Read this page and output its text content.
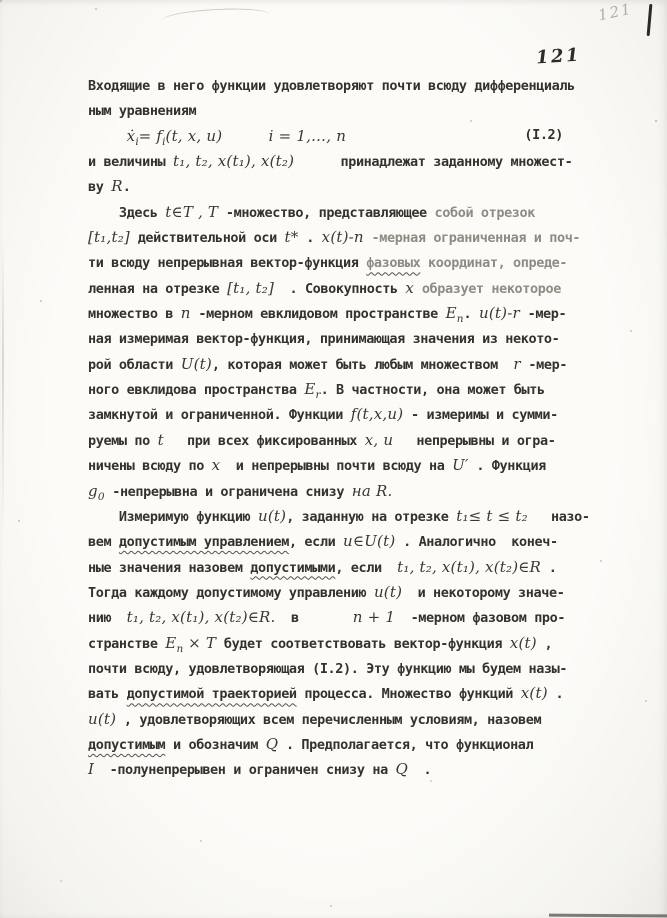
121
121
Входящие в него функции удовлетворяют почти всюду дифференциаль
ным уравнениям
ẋ$_i$= $f_i(t$, x, u)	i = 1,…, n	(I.2)
и величины t₁, t₂, x(t₁), x(t₂)      принадлежат заданному множест-
ву R.
Здесь t∈T , T -множество, представляющее собой отрезок
[t₁,t₂] действительной оси t* . x(t)-n -мерная ограниченная и поч-
ти всюду непрерывная вектор-функция фазовых координат, опреде-
ленная на отрезке [t₁, t₂]  . Совокупность x образует некоторое
множество в n -мерном евклидовом пространстве $E_n$. u(t)-r -мер-
ная измеримая вектор-функция, принимающая значения из некото-
рой области U(t), которая может быть любым множеством  r -мер-
ного евклидова пространства $E_r$. В частности, она может быть
замкнутой и ограниченной. Функции f(t,x,u) - измеримы и сумми-
руемы по t   при всех фиксированных x, u   непрерывны и огра-
ничены всюду по x  и непрерывны почти всюду на U′ . Функция
$g_0$ -непрерывна и ограничена снизу на R.
Измеримую функцию u(t), заданную на отрезке t₁≤ t ≤ t₂   назо-
вем допустимым управлением, если u∈U(t) . Аналогично  конеч-
ные значения назовем допустимыми, если  t₁, t₂, x(t₁), x(t₂)∈R .
Тогда каждому допустимому управлению u(t)  и некоторому значе-
нию  t₁, t₂, x(t₁), x(t₂)∈R.  в       n + 1  -мерном фазовом про-
странстве $E_n \times T$ будет соответствовать вектор-функция x(t) ,
почти всюду, удовлетворяющая (I.2). Эту функцию мы будем назы-
вать допустимой траекторией процесса. Множество функций x(t) .
u(t) , удовлетворяющих всем перечисленным условиям, назовем
допустимым и обозначим Q . Предполагается, что функционал
I  -полунепрерывен и ограничен снизу на Q  .
